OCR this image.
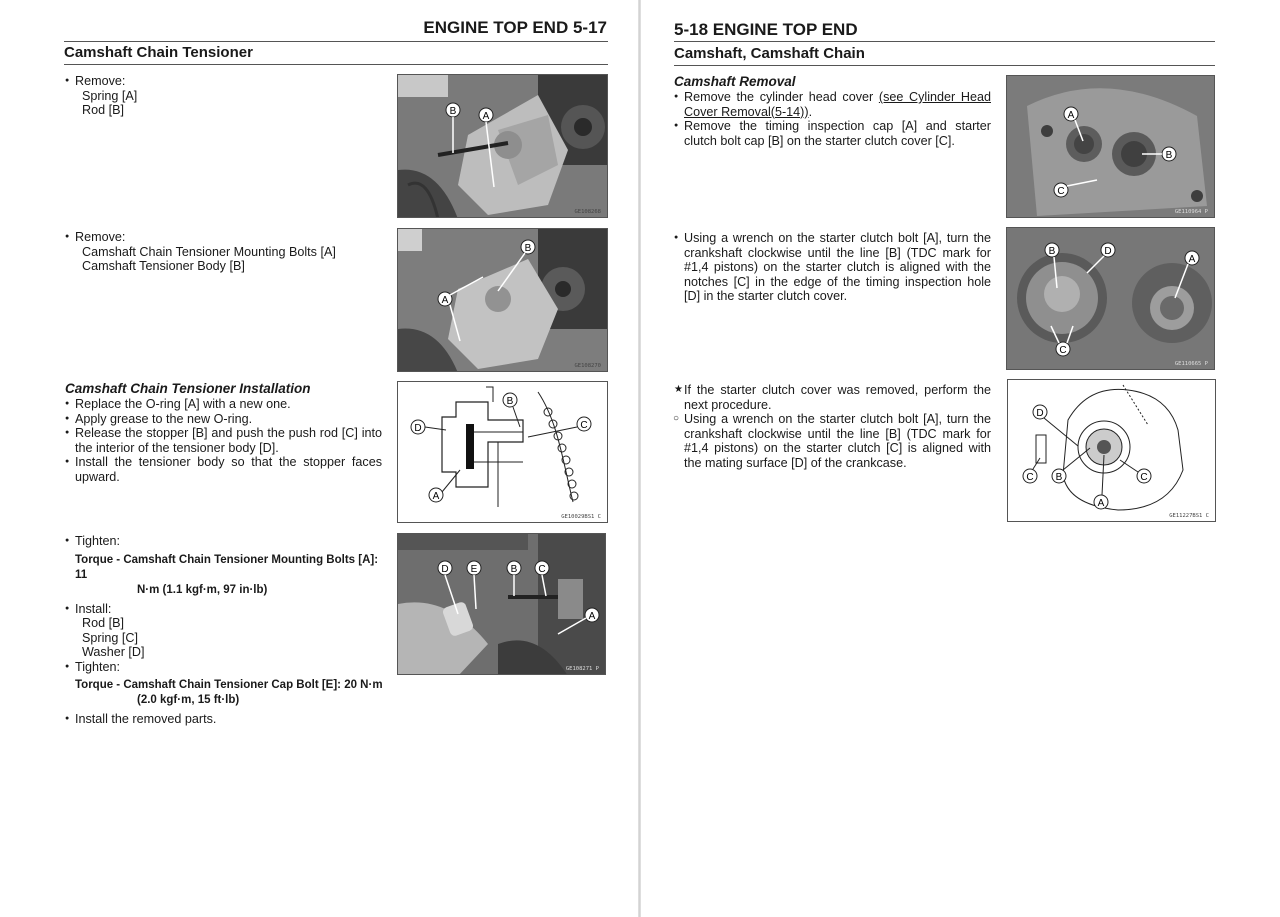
ENGINE TOP END 5-17
Camshaft Chain Tensioner
● Remove:
Spring [A]
Rod [B]	B	A
GE108268
● Remove:
Camshaft Chain Tensioner Mounting Bolts [A]
Camshaft Tensioner Body [B]
B
A
GE108270
Camshaft Chain Tensioner Installation
● Replace the O-ring [A] with a new one.
● Apply grease to the new O-ring.
● Release the stopper [B] and push the push rod [C] into the interior of the tensioner body [D].
● Install the tensioner body so that the stopper faces upward.
D
B
C
A
GE10029BS1 C
● Tighten:
Torque - Camshaft Chain Tensioner Mounting Bolts [A]: 11
N·m (1.1 kgf·m, 97 in·lb)
● Install:
Rod [B]
Spring [C]
Washer [D]
● Tighten:
Torque - Camshaft Chain Tensioner Cap Bolt [E]: 20 N·m
(2.0 kgf·m, 15 ft·lb)
● Install the removed parts.
D E	B C
A
GE108271 P
5-18 ENGINE TOP END
Camshaft, Camshaft Chain
Camshaft Removal
● Remove the cylinder head cover (see Cylinder Head Cover Removal(5-14)).
● Remove the timing inspection cap [A] and starter clutch bolt cap [B] on the starter clutch cover [C].
A
B
C
GE110964 P
● Using a wrench on the starter clutch bolt [A], turn the crankshaft clockwise until the line [B] (TDC mark for #1,4 pistons) on the starter clutch is aligned with the notches [C] in the edge of the timing inspection hole [D] in the starter clutch cover.
B	D
A
C
GE110665 P
★ If the starter clutch cover was removed, perform the next procedure.
○ Using a wrench on the starter clutch bolt [A], turn the crankshaft clockwise until the line [B] (TDC mark for #1,4 pistons) on the starter clutch [C] is aligned with the mating surface [D] of the crankcase.
D
C B	C
A
GE11227BS1 C
